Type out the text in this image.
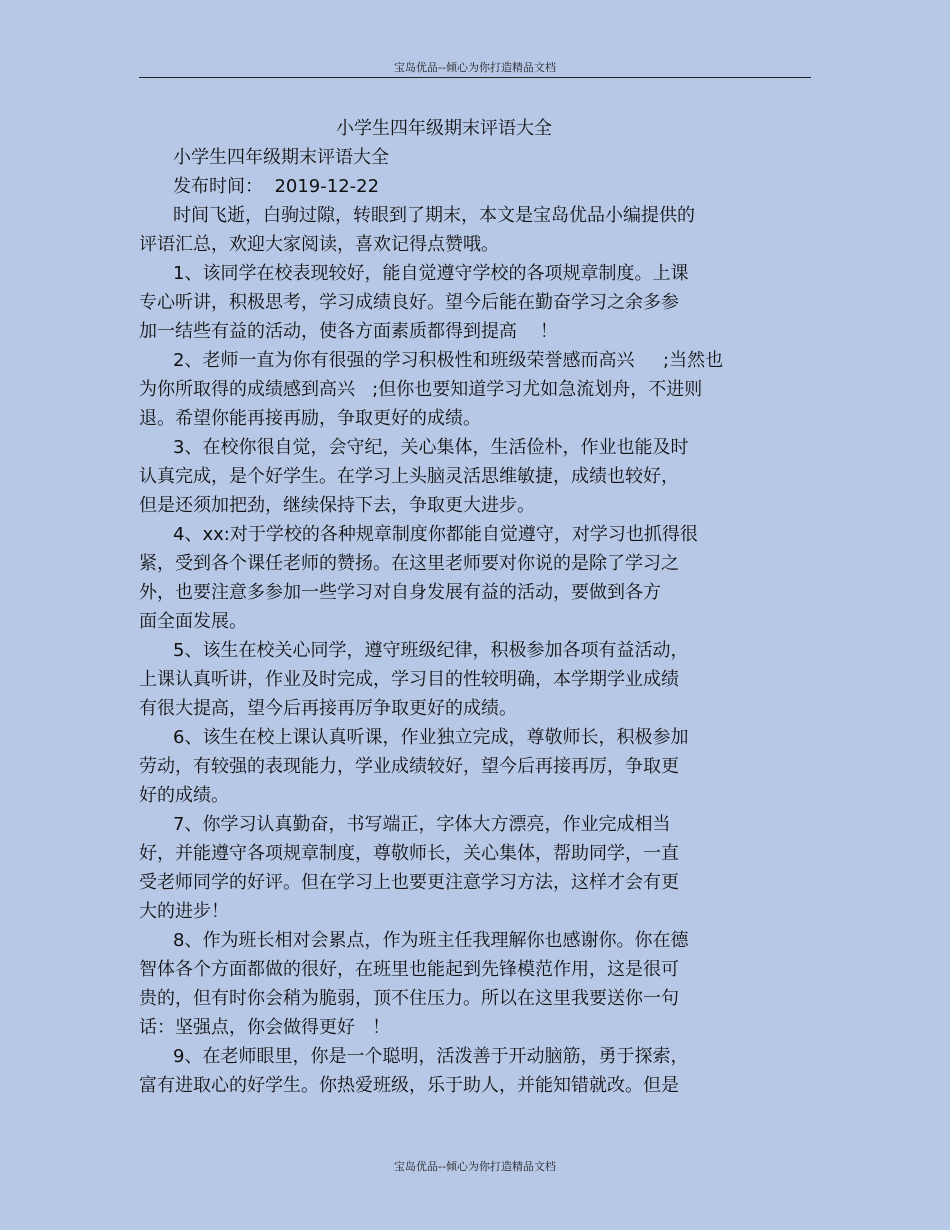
宝岛优品--倾心为你打造精品文档
小学生四年级期末评语大全
小学生四年级期末评语大全
发布时间：  2019-12-22
时间飞逝，白驹过隙，转眼到了期末，本文是宝岛优品小编提供的
评语汇总，欢迎大家阅读，喜欢记得点赞哦。
1、该同学在校表现较好，能自觉遵守学校的各项规章制度。上课
专心听讲，积极思考，学习成绩良好。望今后能在勤奋学习之余多参
加一结些有益的活动，使各方面素质都得到提高    ！
2、老师一直为你有很强的学习积极性和班级荣誉感而高兴     ;当然也
为你所取得的成绩感到高兴   ;但你也要知道学习尤如急流划舟，不进则
退。希望你能再接再励，争取更好的成绩。
3、在校你很自觉，会守纪，关心集体，生活俭朴，作业也能及时
认真完成，是个好学生。在学习上头脑灵活思维敏捷，成绩也较好，
但是还须加把劲，继续保持下去，争取更大进步。
4、xx:对于学校的各种规章制度你都能自觉遵守，对学习也抓得很
紧，受到各个课任老师的赞扬。在这里老师要对你说的是除了学习之
外，也要注意多参加一些学习对自身发展有益的活动，要做到各方
面全面发展。
5、该生在校关心同学，遵守班级纪律，积极参加各项有益活动，
上课认真听讲，作业及时完成，学习目的性较明确，本学期学业成绩
有很大提高，望今后再接再厉争取更好的成绩。
6、该生在校上课认真听课，作业独立完成，尊敬师长，积极参加
劳动，有较强的表现能力，学业成绩较好，望今后再接再厉，争取更
好的成绩。
7、你学习认真勤奋，书写端正，字体大方漂亮，作业完成相当
好，并能遵守各项规章制度，尊敬师长，关心集体，帮助同学，一直
受老师同学的好评。但在学习上也要更注意学习方法，这样才会有更
大的进步！
8、作为班长相对会累点，作为班主任我理解你也感谢你。你在德
智体各个方面都做的很好，在班里也能起到先锋模范作用，这是很可
贵的，但有时你会稍为脆弱，顶不住压力。所以在这里我要送你一句
话：坚强点，你会做得更好   ！
9、在老师眼里，你是一个聪明，活泼善于开动脑筋，勇于探索，
富有进取心的好学生。你热爱班级，乐于助人，并能知错就改。但是
宝岛优品--倾心为你打造精品文档
